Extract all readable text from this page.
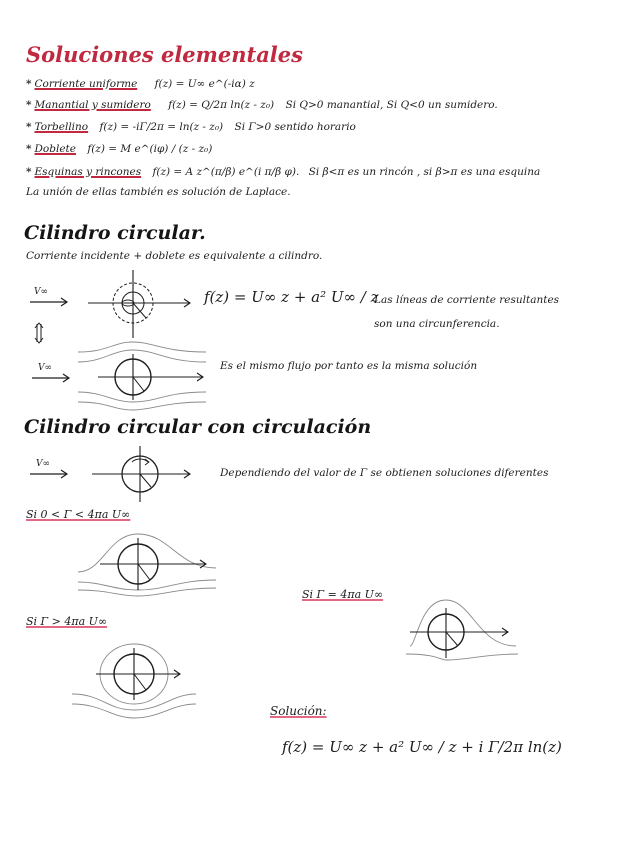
Soluciones elementales
* Corriente uniforme f(z) = U∞ e^(-iα) z
* Manantial y sumidero f(z) = Q/2π ln(z - z₀) Si Q>0 manantial, Si Q<0 un sumidero.
* Torbellino f(z) = -iΓ/2π = ln(z - z₀) Si Γ>0 sentido horario
* Doblete f(z) = M e^(iφ) / (z - z₀)
* Esquinas y rincones f(z) = A z^(π/β) e^(i π/β φ). Si β<π es un rincón , si β>π es una esquina
La unión de ellas también es solución de Laplace.
Cilindro circular.
Corriente incidente + doblete es equivalente a cilindro.
V∞	f(z) = U∞ z + a² U∞ / z
Las líneas de corriente resultantes
son una circunferencia.
V∞	Es el mismo flujo por tanto es la misma solución
Cilindro circular con circulación
V∞
Dependiendo del valor de Γ se obtienen soluciones diferentes
Si 0 < Γ < 4πa U∞
Si Γ = 4πa U∞
Si Γ > 4πa U∞
Solución:
f(z) = U∞ z + a² U∞ / z + i Γ/2π ln(z)
